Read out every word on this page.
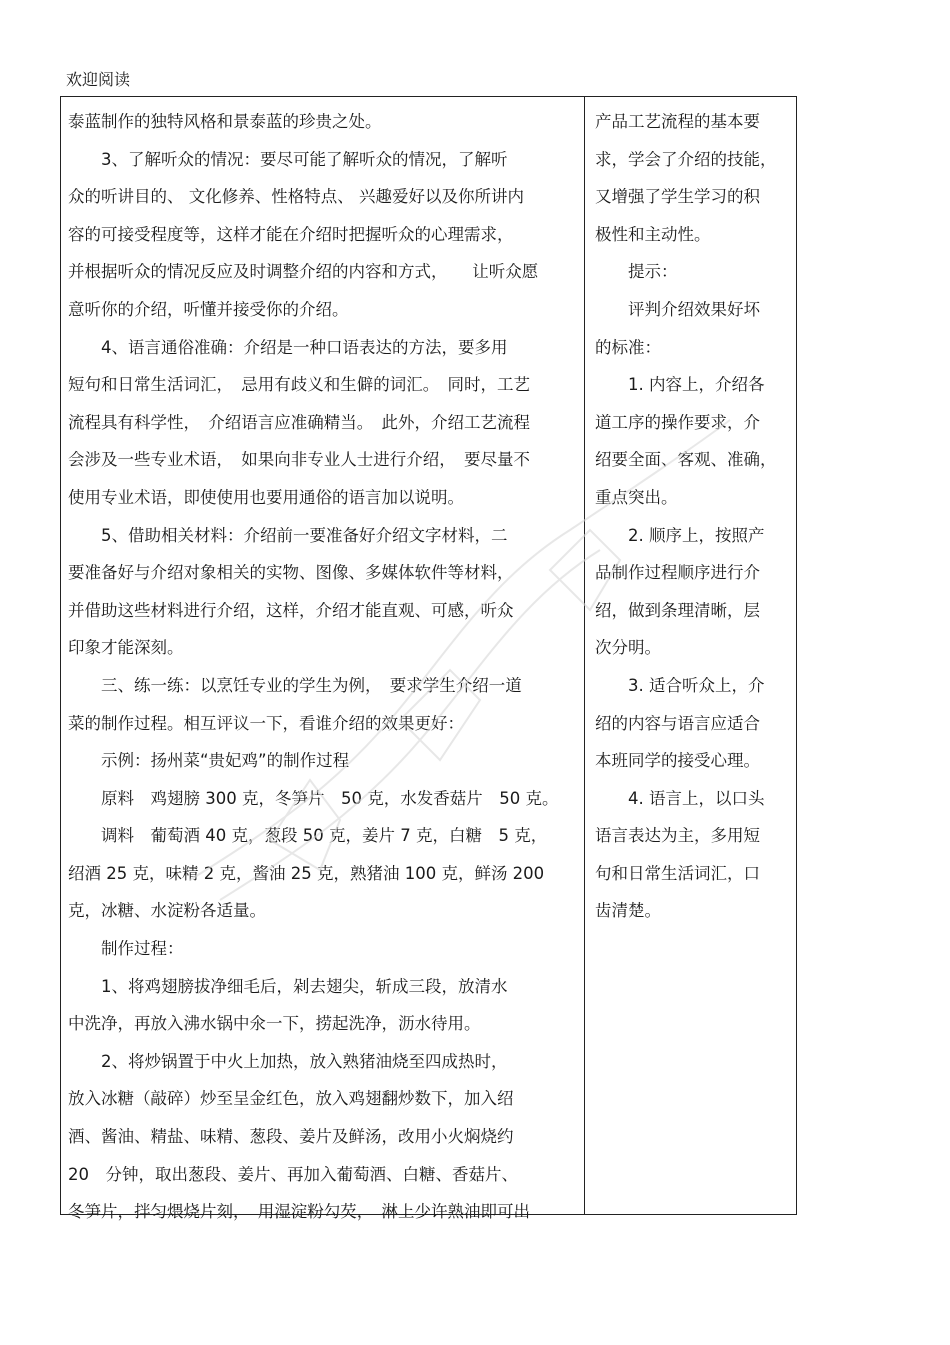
欢迎阅读
泰蓝制作的独特风格和景泰蓝的珍贵之处。
　　3、了解听众的情况：要尽可能了解听众的情况，了解听
众的听讲目的、 文化修养、性格特点、 兴趣爱好以及你所讲内
容的可接受程度等，这样才能在介绍时把握听众的心理需求，
并根据听众的情况反应及时调整介绍的内容和方式，　　让听众愿
意听你的介绍，听懂并接受你的介绍。
　　4、语言通俗准确：介绍是一种口语表达的方法，要多用
短句和日常生活词汇，　忌用有歧义和生僻的词汇。　同时，工艺
流程具有科学性，　介绍语言应准确精当。　此外，介绍工艺流程
会涉及一些专业术语，　如果向非专业人士进行介绍，　要尽量不
使用专业术语，即使使用也要用通俗的语言加以说明。
　　5、借助相关材料：介绍前一要准备好介绍文字材料，二
要准备好与介绍对象相关的实物、图像、多媒体软件等材料，
并借助这些材料进行介绍，这样，介绍才能直观、可感，听众
印象才能深刻。
　　三、练一练：以烹饪专业的学生为例，　要求学生介绍一道
菜的制作过程。相互评议一下，看谁介绍的效果更好：
　　示例：扬州菜“贵妃鸡”的制作过程
　　原料　鸡翅膀 300 克，冬笋片　50 克，水发香菇片　50 克。
　　调料　葡萄酒 40 克，葱段 50 克，姜片 7 克，白糖　5 克，
绍酒 25 克，味精 2 克，酱油 25 克，熟猪油 100 克，鲜汤 200
克，冰糖、水淀粉各适量。
　　制作过程：
　　1、将鸡翅膀拔净细毛后，剁去翅尖，斩成三段，放清水
中洗净，再放入沸水锅中氽一下，捞起洗净，沥水待用。
　　2、将炒锅置于中火上加热，放入熟猪油烧至四成热时，
放入冰糖（敲碎）炒至呈金红色，放入鸡翅翻炒数下，加入绍
酒、酱油、精盐、味精、葱段、姜片及鲜汤，改用小火焖烧约
20　分钟，取出葱段、姜片、再加入葡萄酒、白糖、香菇片、
冬笋片，拌匀煨烧片刻，　用湿淀粉勾芡，　淋上少许熟油即可出
产品工艺流程的基本要
求，学会了介绍的技能，
又增强了学生学习的积
极性和主动性。
　　提示：
　　评判介绍效果好坏
的标准：
　　1. 内容上，介绍各
道工序的操作要求，介
绍要全面、客观、准确，
重点突出。
　　2. 顺序上，按照产
品制作过程顺序进行介
绍，做到条理清晰，层
次分明。
　　3. 适合听众上，介
绍的内容与语言应适合
本班同学的接受心理。
　　4. 语言上，以口头
语言表达为主，多用短
句和日常生活词汇，口
齿清楚。
